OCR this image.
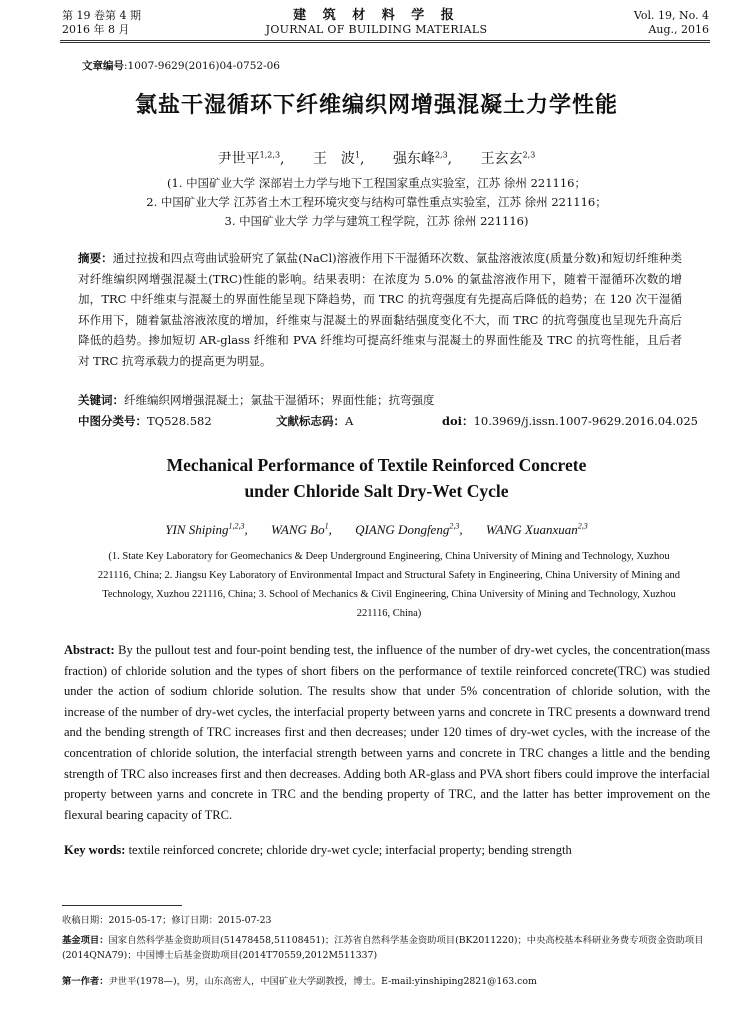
第 19 卷第 4 期
2016 年 8 月
建 筑 材 料 学 报
JOURNAL OF BUILDING MATERIALS
Vol. 19, No. 4
Aug., 2016
文章编号:1007-9629(2016)04-0752-06
氯盐干湿循环下纤维编织网增强混凝土力学性能
尹世平$^{1,2,3}$, 王　波$^1$, 强东峰$^{2,3}$, 王玄玄$^{2,3}$
(1. 中国矿业大学 深部岩土力学与地下工程国家重点实验室，江苏 徐州 221116；
2. 中国矿业大学 江苏省土木工程环境灾变与结构可靠性重点实验室，江苏 徐州 221116；
3. 中国矿业大学 力学与建筑工程学院，江苏 徐州 221116)
摘要：通过拉拔和四点弯曲试验研究了氯盐(NaCl)溶液作用下干湿循环次数、氯盐溶液浓度(质量分数)和短切纤维种类对纤维编织网增强混凝土(TRC)性能的影响。结果表明：在浓度为 5.0% 的氯盐溶液作用下，随着干湿循环次数的增加，TRC 中纤维束与混凝土的界面性能呈现下降趋势，而 TRC 的抗弯强度有先提高后降低的趋势；在 120 次干湿循环作用下，随着氯盐溶液浓度的增加，纤维束与混凝土的界面黏结强度变化不大，而 TRC 的抗弯强度也呈现先升高后降低的趋势。掺加短切 AR-glass 纤维和 PVA 纤维均可提高纤维束与混凝土的界面性能及 TRC 的抗弯性能，且后者对 TRC 抗弯承载力的提高更为明显。
关键词：纤维编织网增强混凝土；氯盐干湿循环；界面性能；抗弯强度
中图分类号：TQ528.582	文献标志码：A	doi：10.3969/j.issn.1007-9629.2016.04.025
Mechanical Performance of Textile Reinforced Concrete
under Chloride Salt Dry-Wet Cycle
YIN Shiping$^{1,2,3}$, WANG Bo$^1$, QIANG Dongfeng$^{2,3}$, WANG Xuanxuan$^{2,3}$
(1. State Key Laboratory for Geomechanics & Deep Underground Engineering, China University of Mining and Technology, Xuzhou 221116, China; 2. Jiangsu Key Laboratory of Environmental Impact and Structural Safety in Engineering, China University of Mining and Technology, Xuzhou 221116, China; 3. School of Mechanics & Civil Engineering, China University of Mining and Technology, Xuzhou 221116, China)
Abstract: By the pullout test and four-point bending test, the influence of the number of dry-wet cycles, the concentration(mass fraction) of chloride solution and the types of short fibers on the performance of textile reinforced concrete(TRC) was studied under the action of sodium chloride solution. The results show that under 5% concentration of chloride solution, with the increase of the number of dry-wet cycles, the interfacial property between yarns and concrete in TRC presents a downward trend and the bending strength of TRC increases first and then decreases; under 120 times of dry-wet cycles, with the increase of the concentration of chloride solution, the interfacial strength between yarns and concrete in TRC changes a little and the bending strength of TRC also increases first and then decreases. Adding both AR-glass and PVA short fibers could improve the interfacial property between yarns and concrete in TRC and the bending property of TRC, and the latter has better improvement on the flexural bearing capacity of TRC.
Key words: textile reinforced concrete; chloride dry-wet cycle; interfacial property; bending strength
收稿日期：2015-05-17；修订日期：2015-07-23
基金项目：国家自然科学基金资助项目(51478458,51108451)；江苏省自然科学基金资助项目(BK2011220)；中央高校基本科研业务费专项资金资助项目(2014QNA79)；中国博士后基金资助项目(2014T70559,2012M511337)
第一作者：尹世平(1978—)，男，山东高密人，中国矿业大学副教授，博士。E-mail:yinshiping2821@163.com
